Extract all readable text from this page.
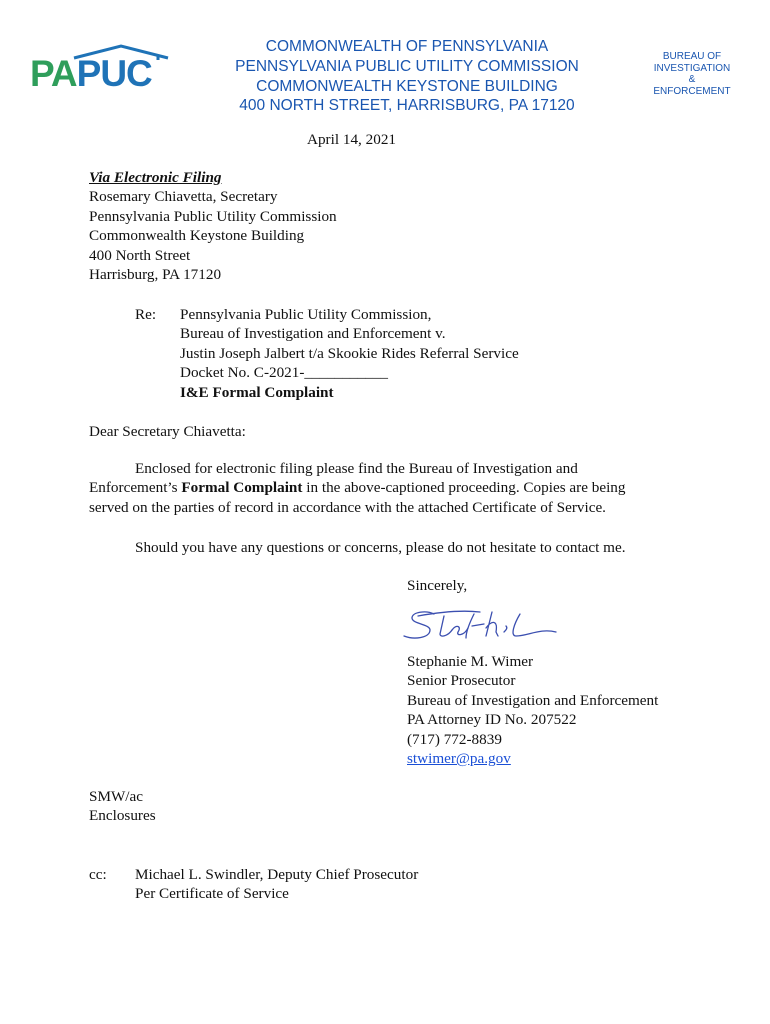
PAPUC
COMMONWEALTH OF PENNSYLVANIA
PENNSYLVANIA PUBLIC UTILITY COMMISSION
COMMONWEALTH KEYSTONE BUILDING
400 NORTH STREET, HARRISBURG, PA 17120
BUREAU OF
INVESTIGATION
&
ENFORCEMENT
April 14, 2021
Via Electronic Filing
Rosemary Chiavetta, Secretary
Pennsylvania Public Utility Commission
Commonwealth Keystone Building
400 North Street
Harrisburg, PA 17120
Re: Pennsylvania Public Utility Commission,
Bureau of Investigation and Enforcement v.
Justin Joseph Jalbert t/a Skookie Rides Referral Service
Docket No. C-2021-___________
I&E Formal Complaint
Dear Secretary Chiavetta:
Enclosed for electronic filing please find the Bureau of Investigation and
Enforcement’s Formal Complaint in the above-captioned proceeding. Copies are being
served on the parties of record in accordance with the attached Certificate of Service.
Should you have any questions or concerns, please do not hesitate to contact me.
Sincerely,
Stephanie M. Wimer
Senior Prosecutor
Bureau of Investigation and Enforcement
PA Attorney ID No. 207522
(717) 772-8839
stwimer@pa.gov
SMW/ac
Enclosures
cc: Michael L. Swindler, Deputy Chief Prosecutor
Per Certificate of Service
